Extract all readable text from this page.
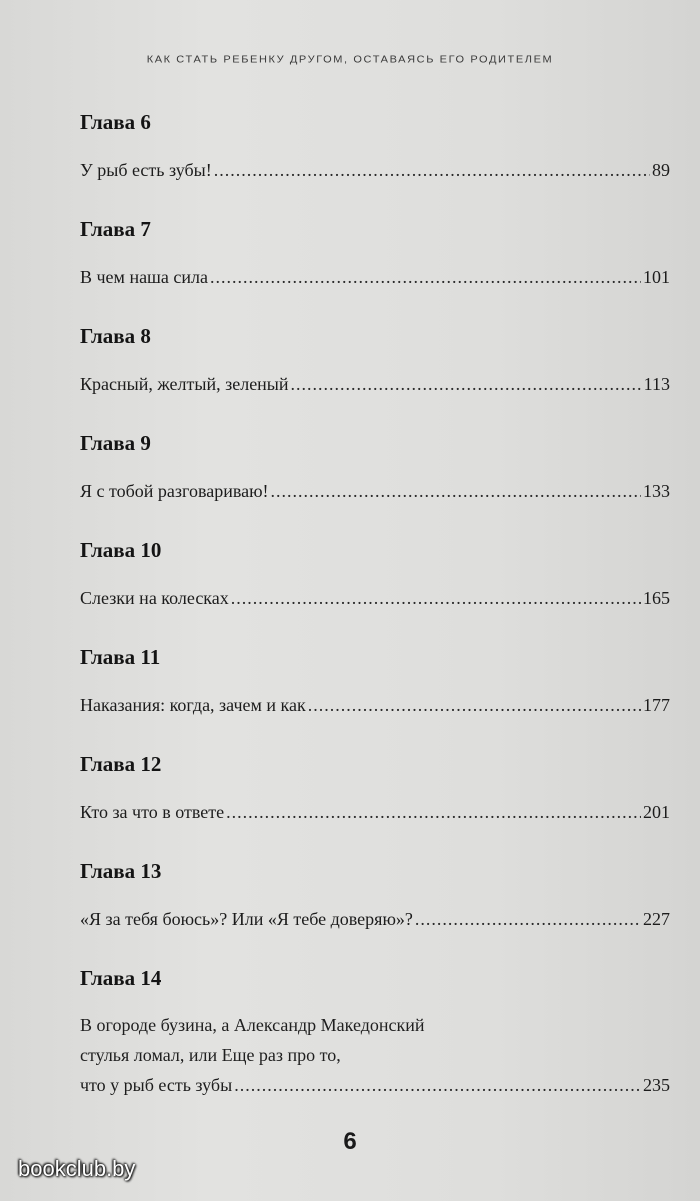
КАК СТАТЬ РЕБЕНКУ ДРУГОМ, ОСТАВАЯСЬ ЕГО РОДИТЕЛЕМ
Глава 6
У рыб есть зубы! .....	89
Глава 7
В чем наша сила .....	101
Глава 8
Красный, желтый, зеленый .....	113
Глава 9
Я с тобой разговариваю! .....	133
Глава 10
Слезки на колесках .....	165
Глава 11
Наказания: когда, зачем и как .....	177
Глава 12
Кто за что в ответе .....	201
Глава 13
«Я за тебя боюсь»? Или «Я тебе доверяю»? .....	227
Глава 14
В огороде бузина, а Александр Македонский
стулья ломал, или Еще раз про то,
что у рыб есть зубы .....	235
6
bookclub.by
